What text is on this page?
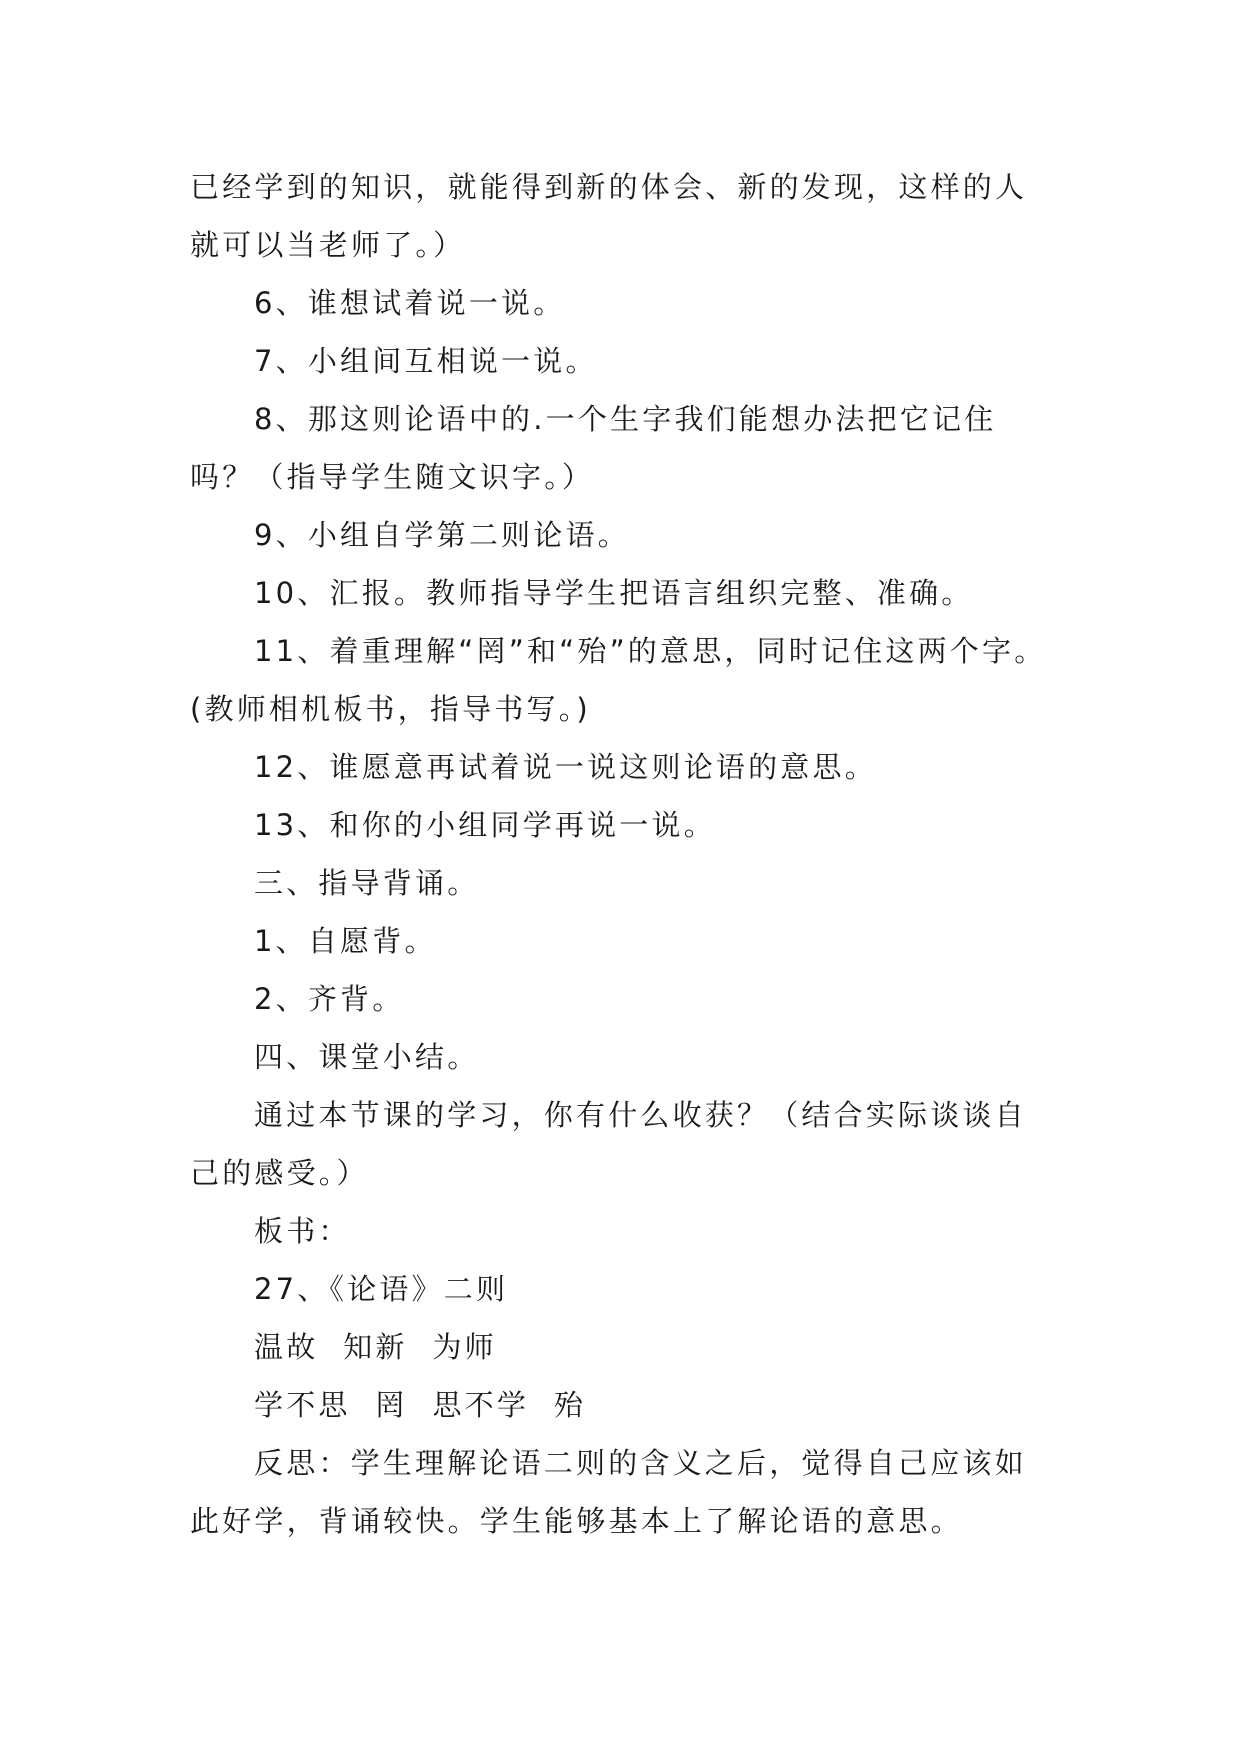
已经学到的知识，就能得到新的体会、新的发现，这样的人就可以当老师了。）

6、谁想试着说一说。

7、小组间互相说一说。

8、那这则论语中的.一个生字我们能想办法把它记住吗？（指导学生随文识字。）

9、小组自学第二则论语。

10、汇报。教师指导学生把语言组织完整、准确。

11、着重理解“罔”和“殆”的意思，同时记住这两个字。(教师相机板书，指导书写。)

12、谁愿意再试着说一说这则论语的意思。

13、和你的小组同学再说一说。

三、指导背诵。

1、自愿背。

2、齐背。

四、课堂小结。

通过本节课的学习，你有什么收获？（结合实际谈谈自己的感受。）

板书：

27、《论语》二则

温故  知新  为师

学不思  罔  思不学  殆

反思：学生理解论语二则的含义之后，觉得自己应该如此好学，背诵较快。学生能够基本上了解论语的意思。
